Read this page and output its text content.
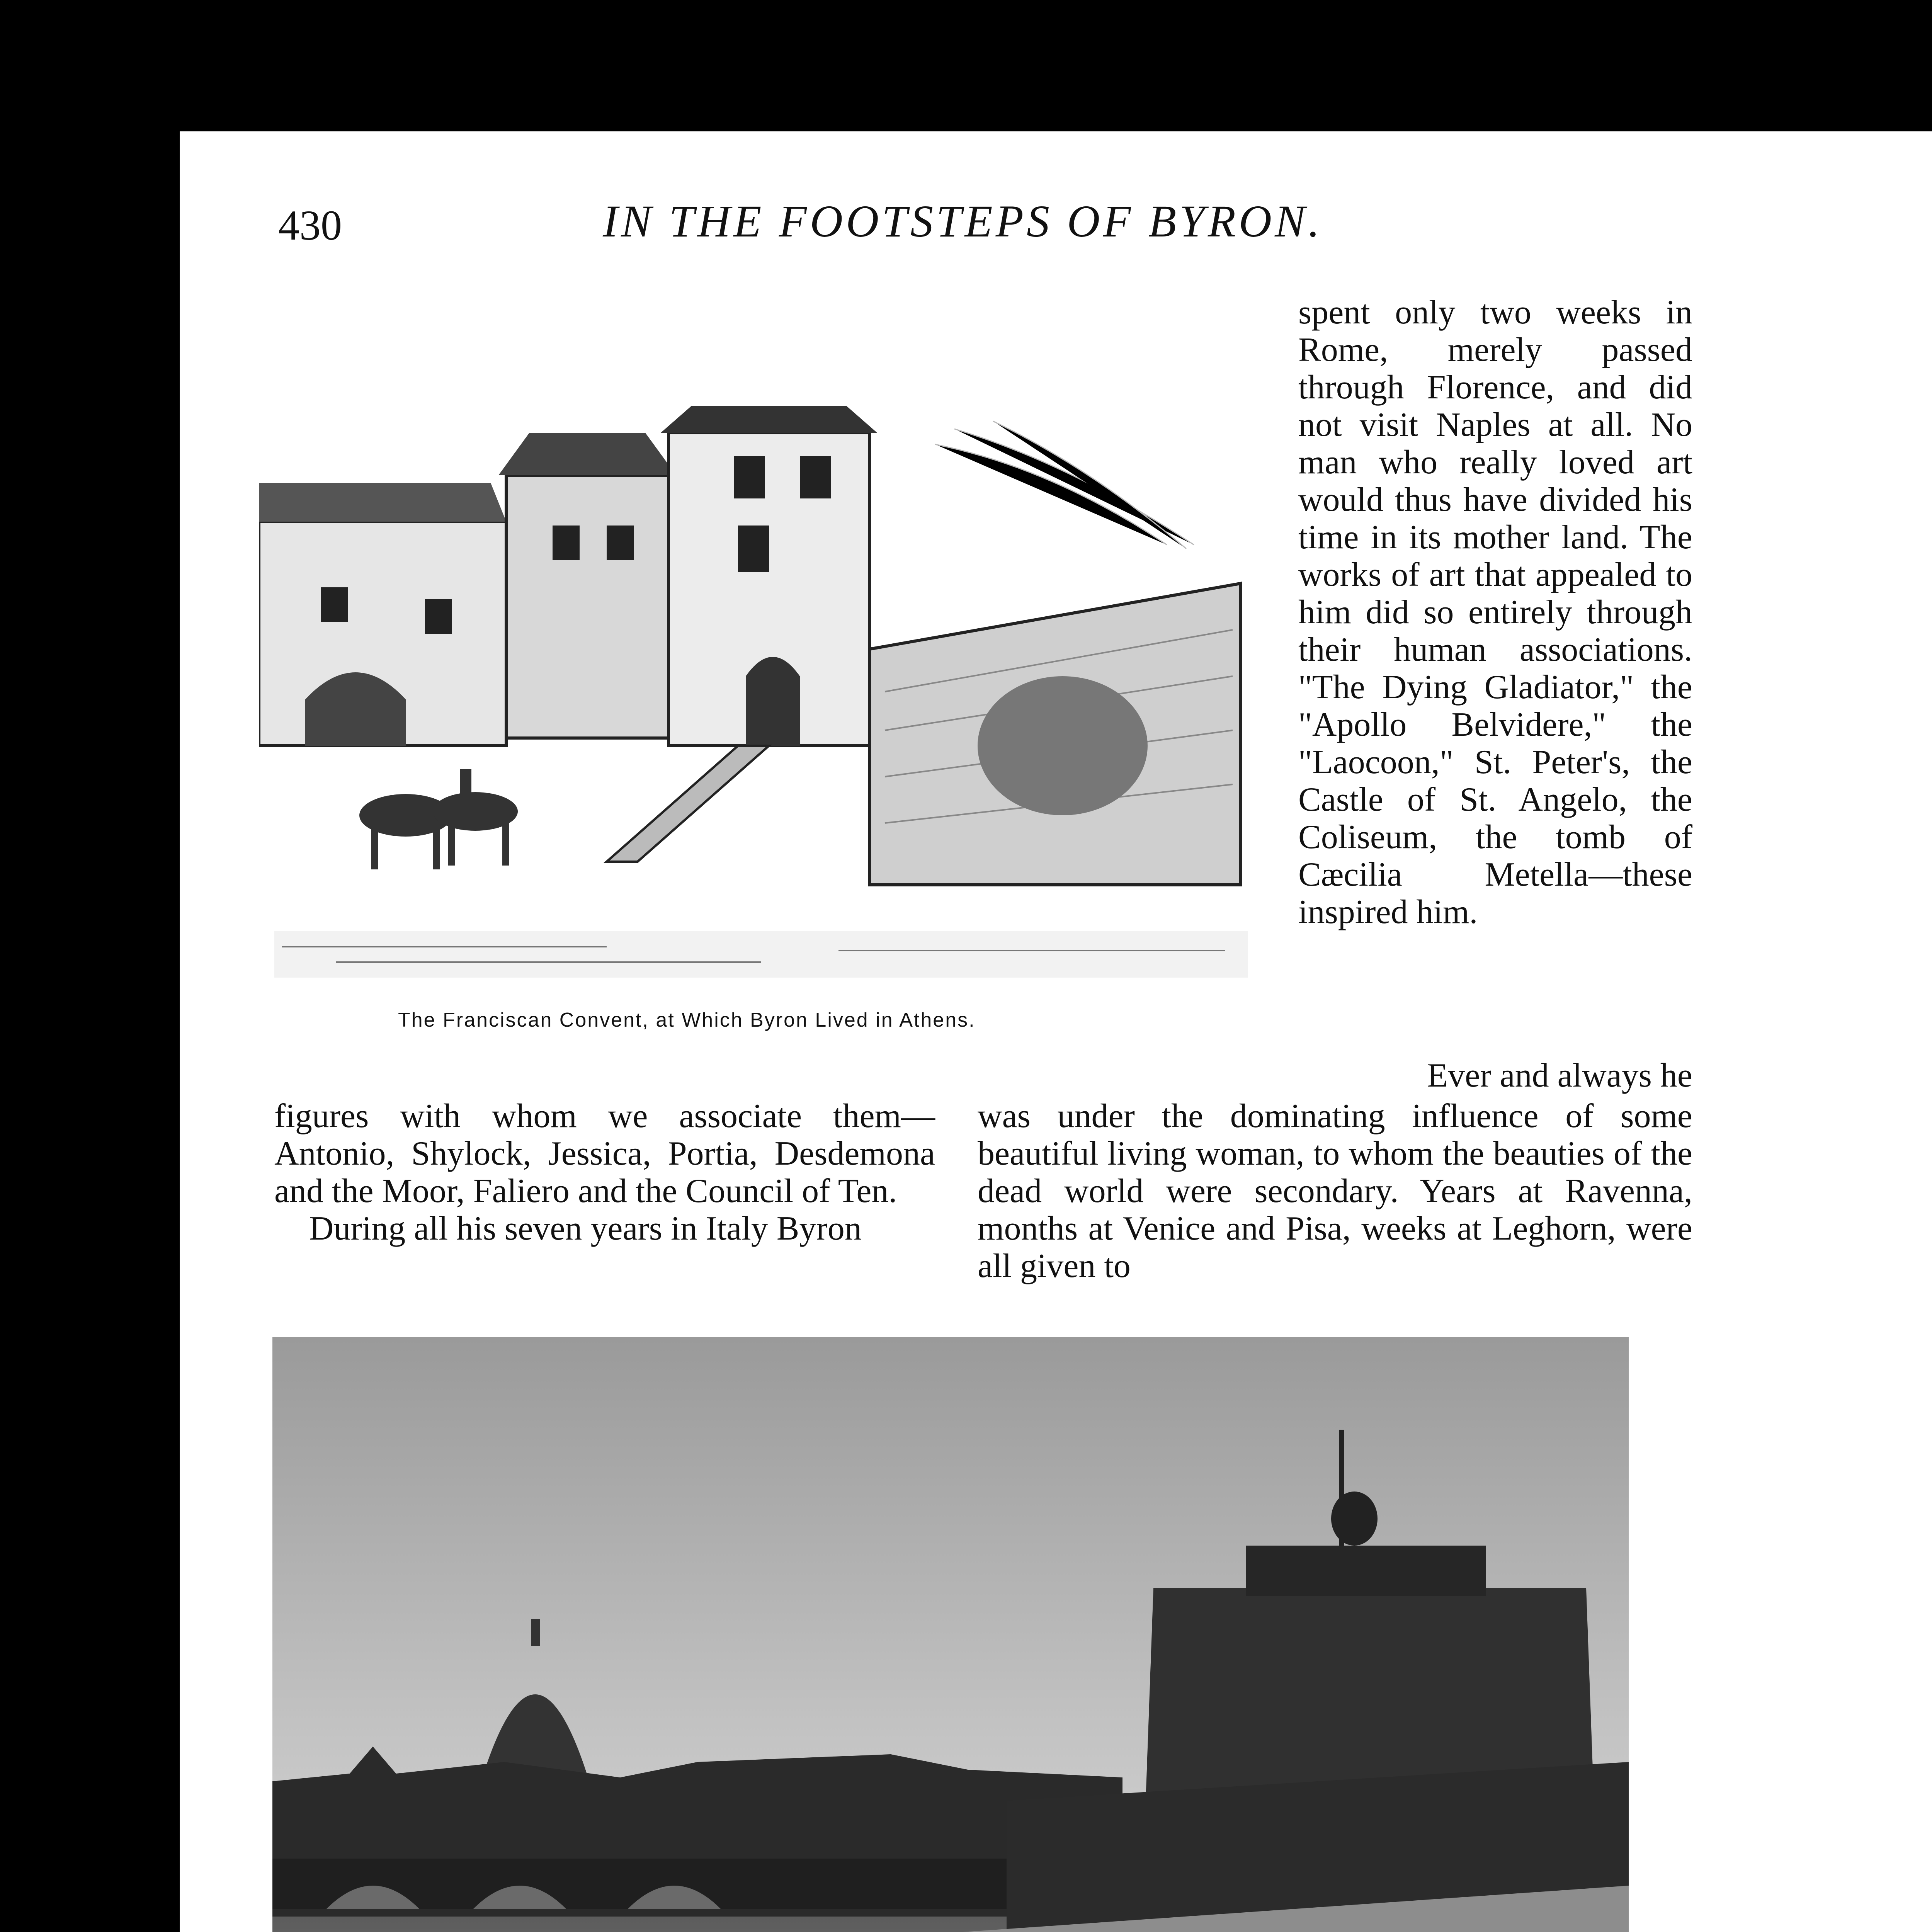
430	IN THE FOOTSTEPS OF BYRON.
The Franciscan Convent, at Which Byron Lived in Athens.

spent only two weeks in Rome, merely passed through Florence, and did not visit Naples at all. No man who really loved art would thus have divided his time in its mother land. The works of art that appealed to him did so entirely through their human associations. "The Dying Gladiator," the "Apollo Belvidere," the "Laocoon," St. Peter's, the Castle of St. Angelo, the Coliseum, the tomb of Cæcilia Metella—these inspired him.

Ever and always he

figures with whom we associate them—Antonio, Shylock, Jessica, Portia, Desdemona and the Moor, Faliero and the Council of Ten.

During all his seven years in Italy Byron

was under the dominating influence of some beautiful living woman, to whom the beauties of the dead world were secondary. Years at Ravenna, months at Venice and Pisa, weeks at Leghorn, were all given to
